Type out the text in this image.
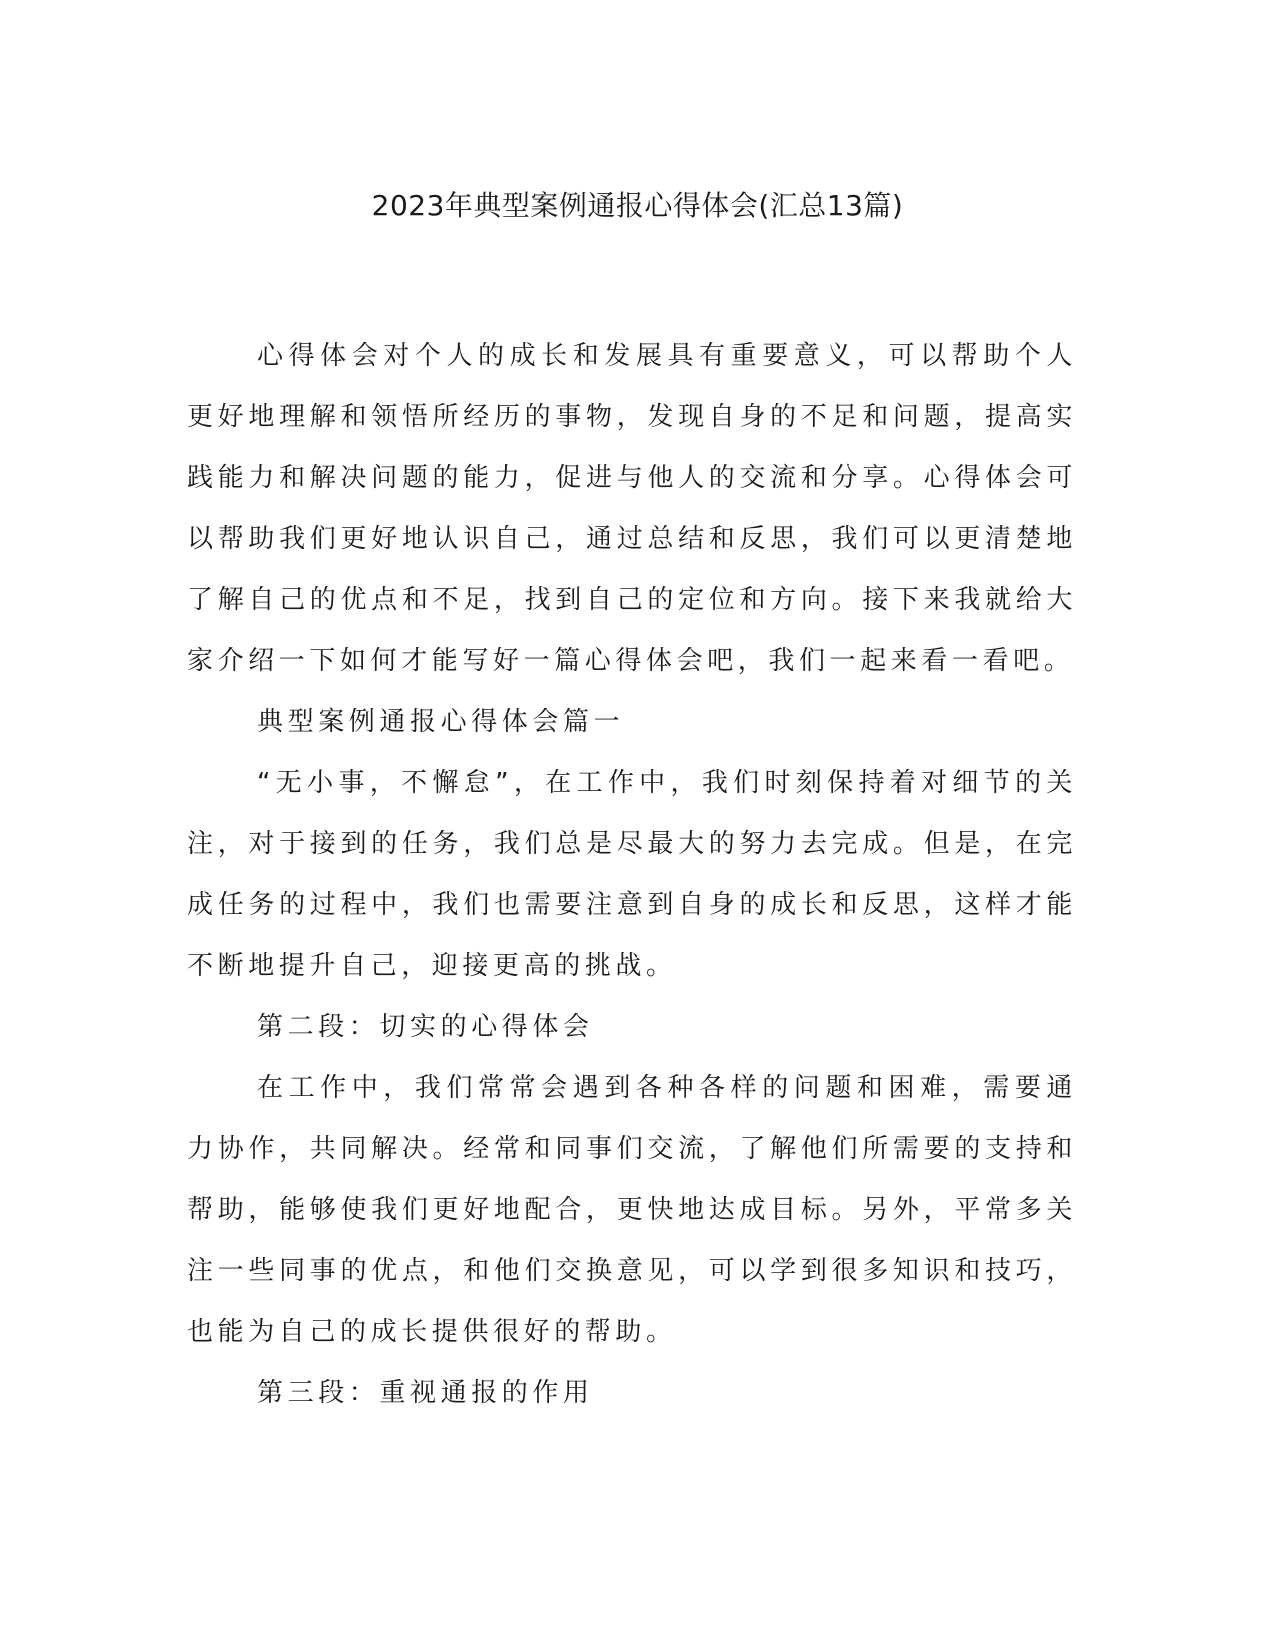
2023年典型案例通报心得体会(汇总13篇)

心得体会对个人的成长和发展具有重要意义，可以帮助个人更好地理解和领悟所经历的事物，发现自身的不足和问题，提高实践能力和解决问题的能力，促进与他人的交流和分享。心得体会可以帮助我们更好地认识自己，通过总结和反思，我们可以更清楚地了解自己的优点和不足，找到自己的定位和方向。接下来我就给大家介绍一下如何才能写好一篇心得体会吧，我们一起来看一看吧。

典型案例通报心得体会篇一

“无小事，不懈怠”，在工作中，我们时刻保持着对细节的关注，对于接到的任务，我们总是尽最大的努力去完成。但是，在完成任务的过程中，我们也需要注意到自身的成长和反思，这样才能不断地提升自己，迎接更高的挑战。

第二段：切实的心得体会

在工作中，我们常常会遇到各种各样的问题和困难，需要通力协作，共同解决。经常和同事们交流，了解他们所需要的支持和帮助，能够使我们更好地配合，更快地达成目标。另外，平常多关注一些同事的优点，和他们交换意见，可以学到很多知识和技巧，也能为自己的成长提供很好的帮助。

第三段：重视通报的作用
